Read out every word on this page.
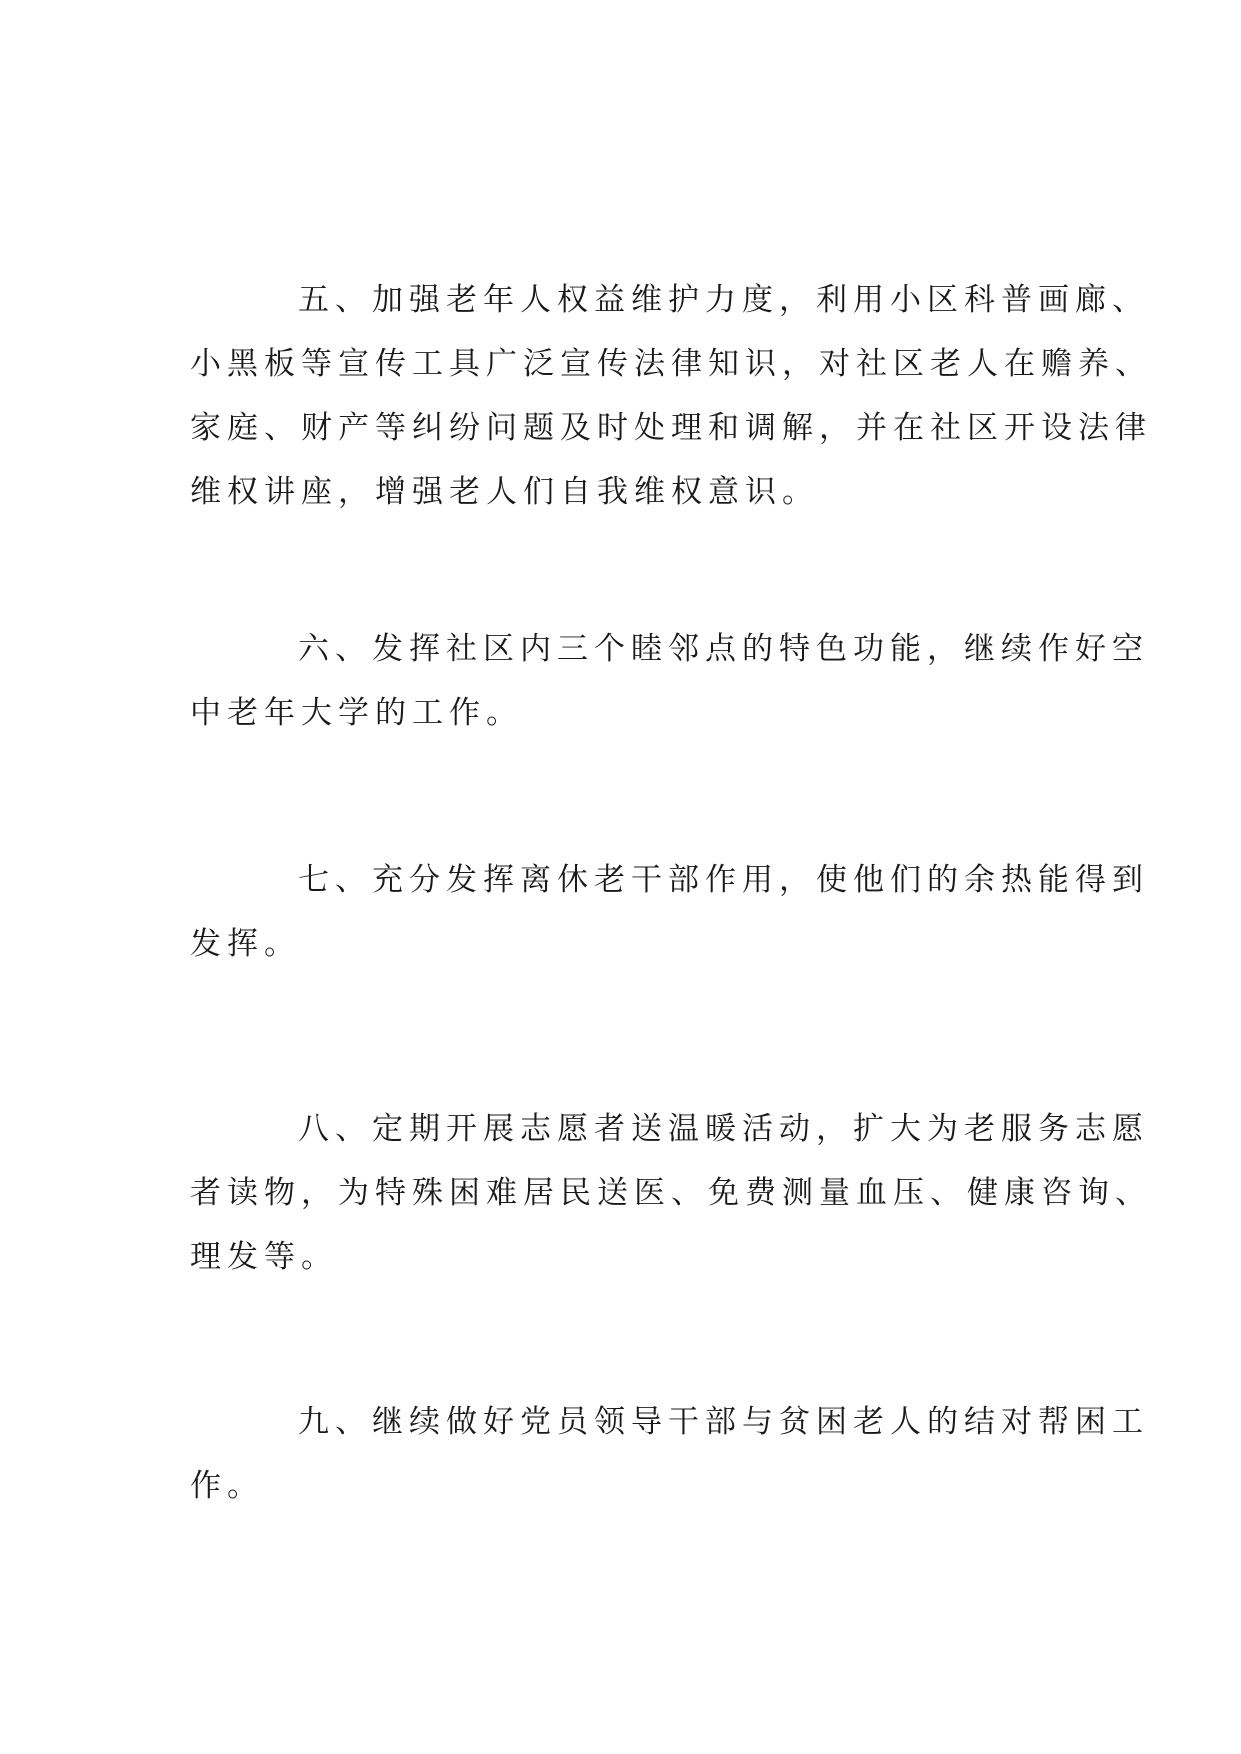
五、加强老年人权益维护力度，利用小区科普画廊、
小黑板等宣传工具广泛宣传法律知识，对社区老人在赡养、
家庭、财产等纠纷问题及时处理和调解，并在社区开设法律
维权讲座，增强老人们自我维权意识。
六、发挥社区内三个睦邻点的特色功能，继续作好空
中老年大学的工作。
七、充分发挥离休老干部作用，使他们的余热能得到
发挥。
八、定期开展志愿者送温暖活动，扩大为老服务志愿
者读物，为特殊困难居民送医、免费测量血压、健康咨询、
理发等。
九、继续做好党员领导干部与贫困老人的结对帮困工
作。
